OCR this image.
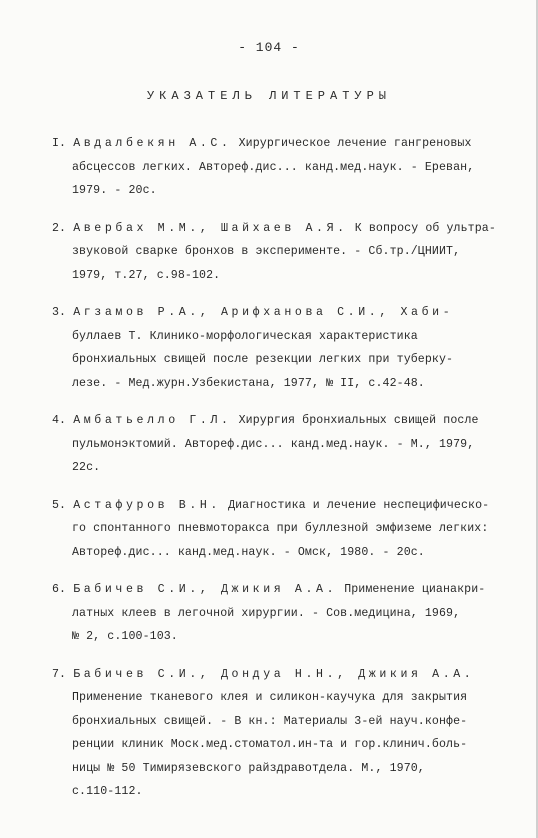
- 104 -
УКАЗАТЕЛЬ ЛИТЕРАТУРЫ
I. Авдалбекян А.С. Хирургическое лечение гангреновых
абсцессов легких. Автореф.дис... канд.мед.наук. - Ереван,
1979. - 20с.
2. Авербах М.М., Шайхаев А.Я. К вопросу об ультра-
звуковой сварке бронхов в эксперименте. - Сб.тр./ЦНИИТ,
1979, т.27, с.98-102.
3. Агзамов Р.А., Арифханова С.И., Хаби-
буллаев Т. Клинико-морфологическая характеристика
бронхиальных свищей после резекции легких при туберку-
лезе. - Мед.журн.Узбекистана, 1977, № II, с.42-48.
4. Амбатьелло Г.Л. Хирургия бронхиальных свищей после
пульмонэктомий. Автореф.дис... канд.мед.наук. - М., 1979,
22с.
5. Астафуров В.Н. Диагностика и лечение неспецифическо-
го спонтанного пневмоторакса при буллезной эмфиземе легких:
Автореф.дис... канд.мед.наук. - Омск, 1980. - 20с.
6. Бабичев С.И., Джикия А.А. Применение цианакри-
латных клеев в легочной хирургии. - Сов.медицина, 1969,
№ 2, с.100-103.
7. Бабичев С.И., Дондуа Н.Н., Джикия А.А.
Применение тканевого клея и силикон-каучука для закрытия
бронхиальных свищей. - В кн.: Материалы 3-ей науч.конфе-
ренции клиник Моск.мед.стоматол.ин-та и гор.клинич.боль-
ницы № 50 Тимирязевского райздравотдела. М., 1970,
с.110-112.
